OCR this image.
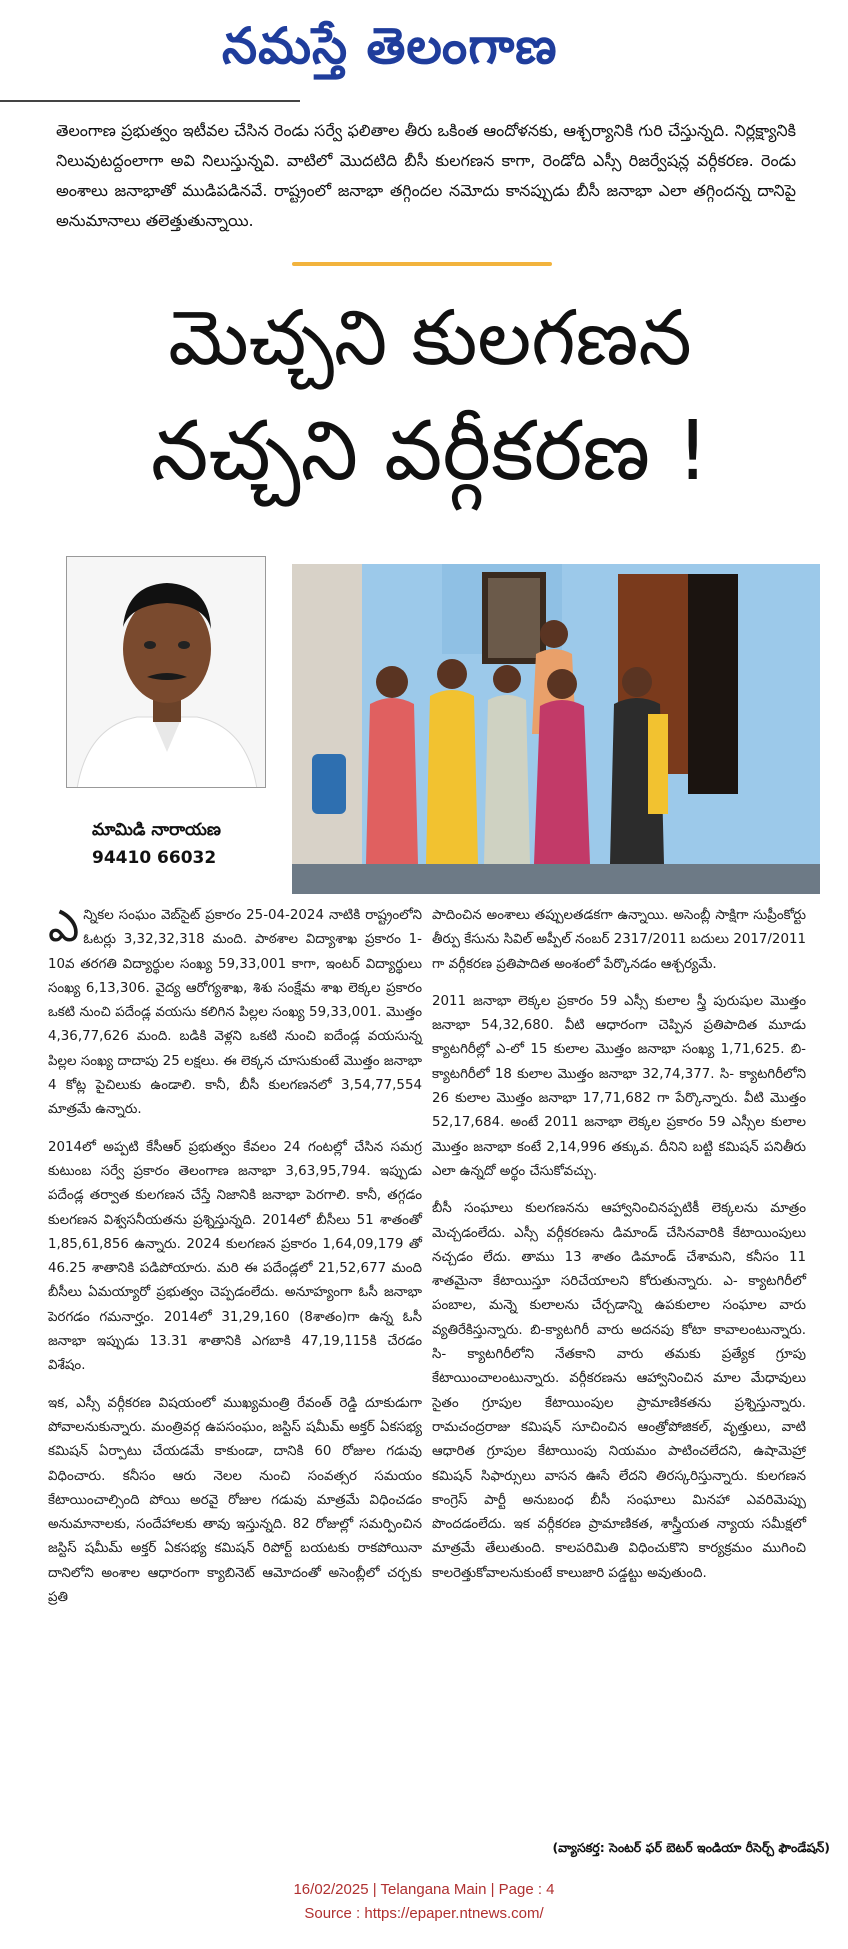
నమస్తే తెలంగాణ
తెలంగాణ ప్రభుత్వం ఇటీవల చేసిన రెండు సర్వే ఫలితాల తీరు ఒకింత ఆందోళనకు, ఆశ్చర్యానికి గురి చేస్తున్నది. నిర్లక్ష్యానికి నిలువుటద్దంలాగా అవి నిలుస్తున్నవి. వాటిలో మొదటిది బీసీ కులగణన కాగా, రెండోది ఎస్సీ రిజర్వేషన్ల వర్గీకరణ. రెండు అంశాలు జనాభాతో ముడిపడినవే. రాష్ట్రంలో జనాభా తగ్గిందల నమోదు కానప్పుడు బీసీ జనాభా ఎలా తగ్గిందన్న దానిపై అనుమానాలు తలెత్తుతున్నాయి.
మెచ్చని కులగణన
నచ్చని వర్గీకరణ !
మామిడి నారాయణ
94410 66032

ఎన్నికల సంఘం వెబ్‌సైట్ ప్రకారం 25-04-2024 నాటికి రాష్ట్రంలోని ఓటర్లు 3,32,32,318 మంది. పాఠశాల విద్యాశాఖ ప్రకారం 1-10వ తరగతి విద్యార్థుల సంఖ్య 59,33,001 కాగా, ఇంటర్ విద్యార్థులు సంఖ్య 6,13,306. వైద్య ఆరోగ్యశాఖ, శిశు సంక్షేమ శాఖ లెక్కల ప్రకారం ఒకటి నుంచి పదేండ్ల వయసు కలిగిన పిల్లల సంఖ్య 59,33,001. మొత్తం 4,36,77,626 మంది. బడికి వెళ్లని ఒకటి నుంచి ఐదేండ్ల వయసున్న పిల్లల సంఖ్య దాదాపు 25 లక్షలు. ఈ లెక్కన చూసుకుంటే మొత్తం జనాభా 4 కోట్ల పైచిలుకు ఉండాలి. కానీ, బీసీ కులగణనలో 3,54,77,554 మాత్రమే ఉన్నారు.

2014లో అప్పటి కేసీఆర్ ప్రభుత్వం కేవలం 24 గంటల్లో చేసిన సమగ్ర కుటుంబ సర్వే ప్రకారం తెలంగాణ జనాభా 3,63,95,794. ఇప్పుడు పదేండ్ల తర్వాత కులగణన చేస్తే నిజానికి జనాభా పెరగాలి. కానీ, తగ్గడం కులగణన విశ్వసనీయతను ప్రశ్నిస్తున్నది. 2014లో బీసీలు 51 శాతంతో 1,85,61,856 ఉన్నారు. 2024 కులగణన ప్రకారం 1,64,09,179 తో 46.25 శాతానికి పడిపోయారు. మరి ఈ పదేండ్లలో 21,52,677 మంది బీసీలు ఏమయ్యారో ప్రభుత్వం చెప్పడంలేదు. అనూహ్యంగా ఓసీ జనాభా పెరగడం గమనార్హం. 2014లో 31,29,160 (8శాతం)గా ఉన్న ఓసీ జనాభా ఇప్పుడు 13.31 శాతానికి ఎగబాకి 47,19,115కి చేరడం విశేషం.

ఇక, ఎస్సీ వర్గీకరణ విషయంలో ముఖ్యమంత్రి రేవంత్ రెడ్డి దూకుడుగా పోవాలనుకున్నారు. మంత్రివర్గ ఉపసంఘం, జస్టిస్ షమీమ్ అక్తర్ ఏకసభ్య కమిషన్ ఏర్పాటు చేయడమే కాకుండా, దానికి 60 రోజుల గడువు విధించారు. కనీసం ఆరు నెలల నుంచి సంవత్సర సమయం కేటాయించాల్సింది పోయి అరవై రోజుల గడువు మాత్రమే విధించడం అనుమానాలకు, సందేహాలకు తావు ఇస్తున్నది. 82 రోజుల్లో సమర్పించిన జస్టిస్ షమీమ్ అక్తర్ ఏకసభ్య కమిషన్ రిపోర్ట్ బయటకు రాకపోయినా దానిలోని అంశాల ఆధారంగా క్యాబినెట్ ఆమోదంతో అసెంబ్లీలో చర్చకు ప్రతి

పాదించిన అంశాలు తప్పులతడకగా ఉన్నాయి. అసెంబ్లీ సాక్షిగా సుప్రీంకోర్టు తీర్పు కేసును సివిల్ అప్పీల్ నంబర్ 2317/2011 బదులు 2017/2011 గా వర్గీకరణ ప్రతిపాదిత అంశంలో పేర్కొనడం ఆశ్చర్యమే.

2011 జనాభా లెక్కల ప్రకారం 59 ఎస్సీ కులాల స్త్రీ పురుషుల మొత్తం జనాభా 54,32,680. వీటి ఆధారంగా చెప్పిన ప్రతిపాదిత మూడు క్యాటగిరీల్లో ఎ-లో 15 కులాల మొత్తం జనాభా సంఖ్య 1,71,625. బి-క్యాటగిరీలో 18 కులాల మొత్తం జనాభా 32,74,377. సి- క్యాటగిరీలోని 26 కులాల మొత్తం జనాభా 17,71,682 గా పేర్కొన్నారు. వీటి మొత్తం 52,17,684. అంటే 2011 జనాభా లెక్కల ప్రకారం 59 ఎస్సీల కులాల మొత్తం జనాభా కంటే 2,14,996 తక్కువ. దీనిని బట్టి కమిషన్ పనితీరు ఎలా ఉన్నదో అర్థం చేసుకోవచ్చు.

బీసీ సంఘాలు కులగణనను ఆహ్వానించినప్పటికీ లెక్కలను మాత్రం మెచ్చడంలేదు. ఎస్సీ వర్గీకరణను డిమాండ్ చేసినవారికి కేటాయింపులు నచ్చడం లేదు. తాము 13 శాతం డిమాండ్ చేశామని, కనీసం 11 శాతమైనా కేటాయిస్తూ సరిచేయాలని కోరుతున్నారు. ఎ- క్యాటగిరీలో పంబాల, మన్నె కులాలను చేర్చడాన్ని ఉపకులాల సంఘాల వారు వ్యతిరేకిస్తున్నారు. బి-క్యాటగిరీ వారు అదనపు కోటా కావాలంటున్నారు. సి- క్యాటగిరీలోని నేతకాని వారు తమకు ప్రత్యేక గ్రూపు కేటాయించాలంటున్నారు. వర్గీకరణను ఆహ్వానించిన మాల మేధావులు సైతం గ్రూపుల కేటాయింపుల ప్రామాణికతను ప్రశ్నిస్తున్నారు. రామచంద్రరాజు కమిషన్ సూచించిన ఆంత్రోపోజికల్, వృత్తులు, వాటి ఆధారిత గ్రూపుల కేటాయింపు నియమం పాటించలేదని, ఉషామెహ్రా కమిషన్ సిఫార్సులు వాసన ఊసే లేదని తిరస్కరిస్తున్నారు. కులగణన కాంగ్రెస్ పార్టీ అనుబంధ బీసీ సంఘాలు మినహా ఎవరిమెప్పు పొందడంలేదు. ఇక వర్గీకరణ ప్రామాణికత, శాస్త్రీయత న్యాయ సమీక్షలో మాత్రమే తేలుతుంది. కాలపరిమితి విధించుకొని కార్యక్రమం ముగించి కాలరెత్తుకోవాలనుకుంటే కాలుజారి పడ్డట్టు అవుతుంది.

(వ్యాసకర్త: సెంటర్ ఫర్ బెటర్ ఇండియా రీసెర్చ్ ఫౌండేషన్)
16/02/2025 | Telangana Main | Page : 4
Source : https://epaper.ntnews.com/
